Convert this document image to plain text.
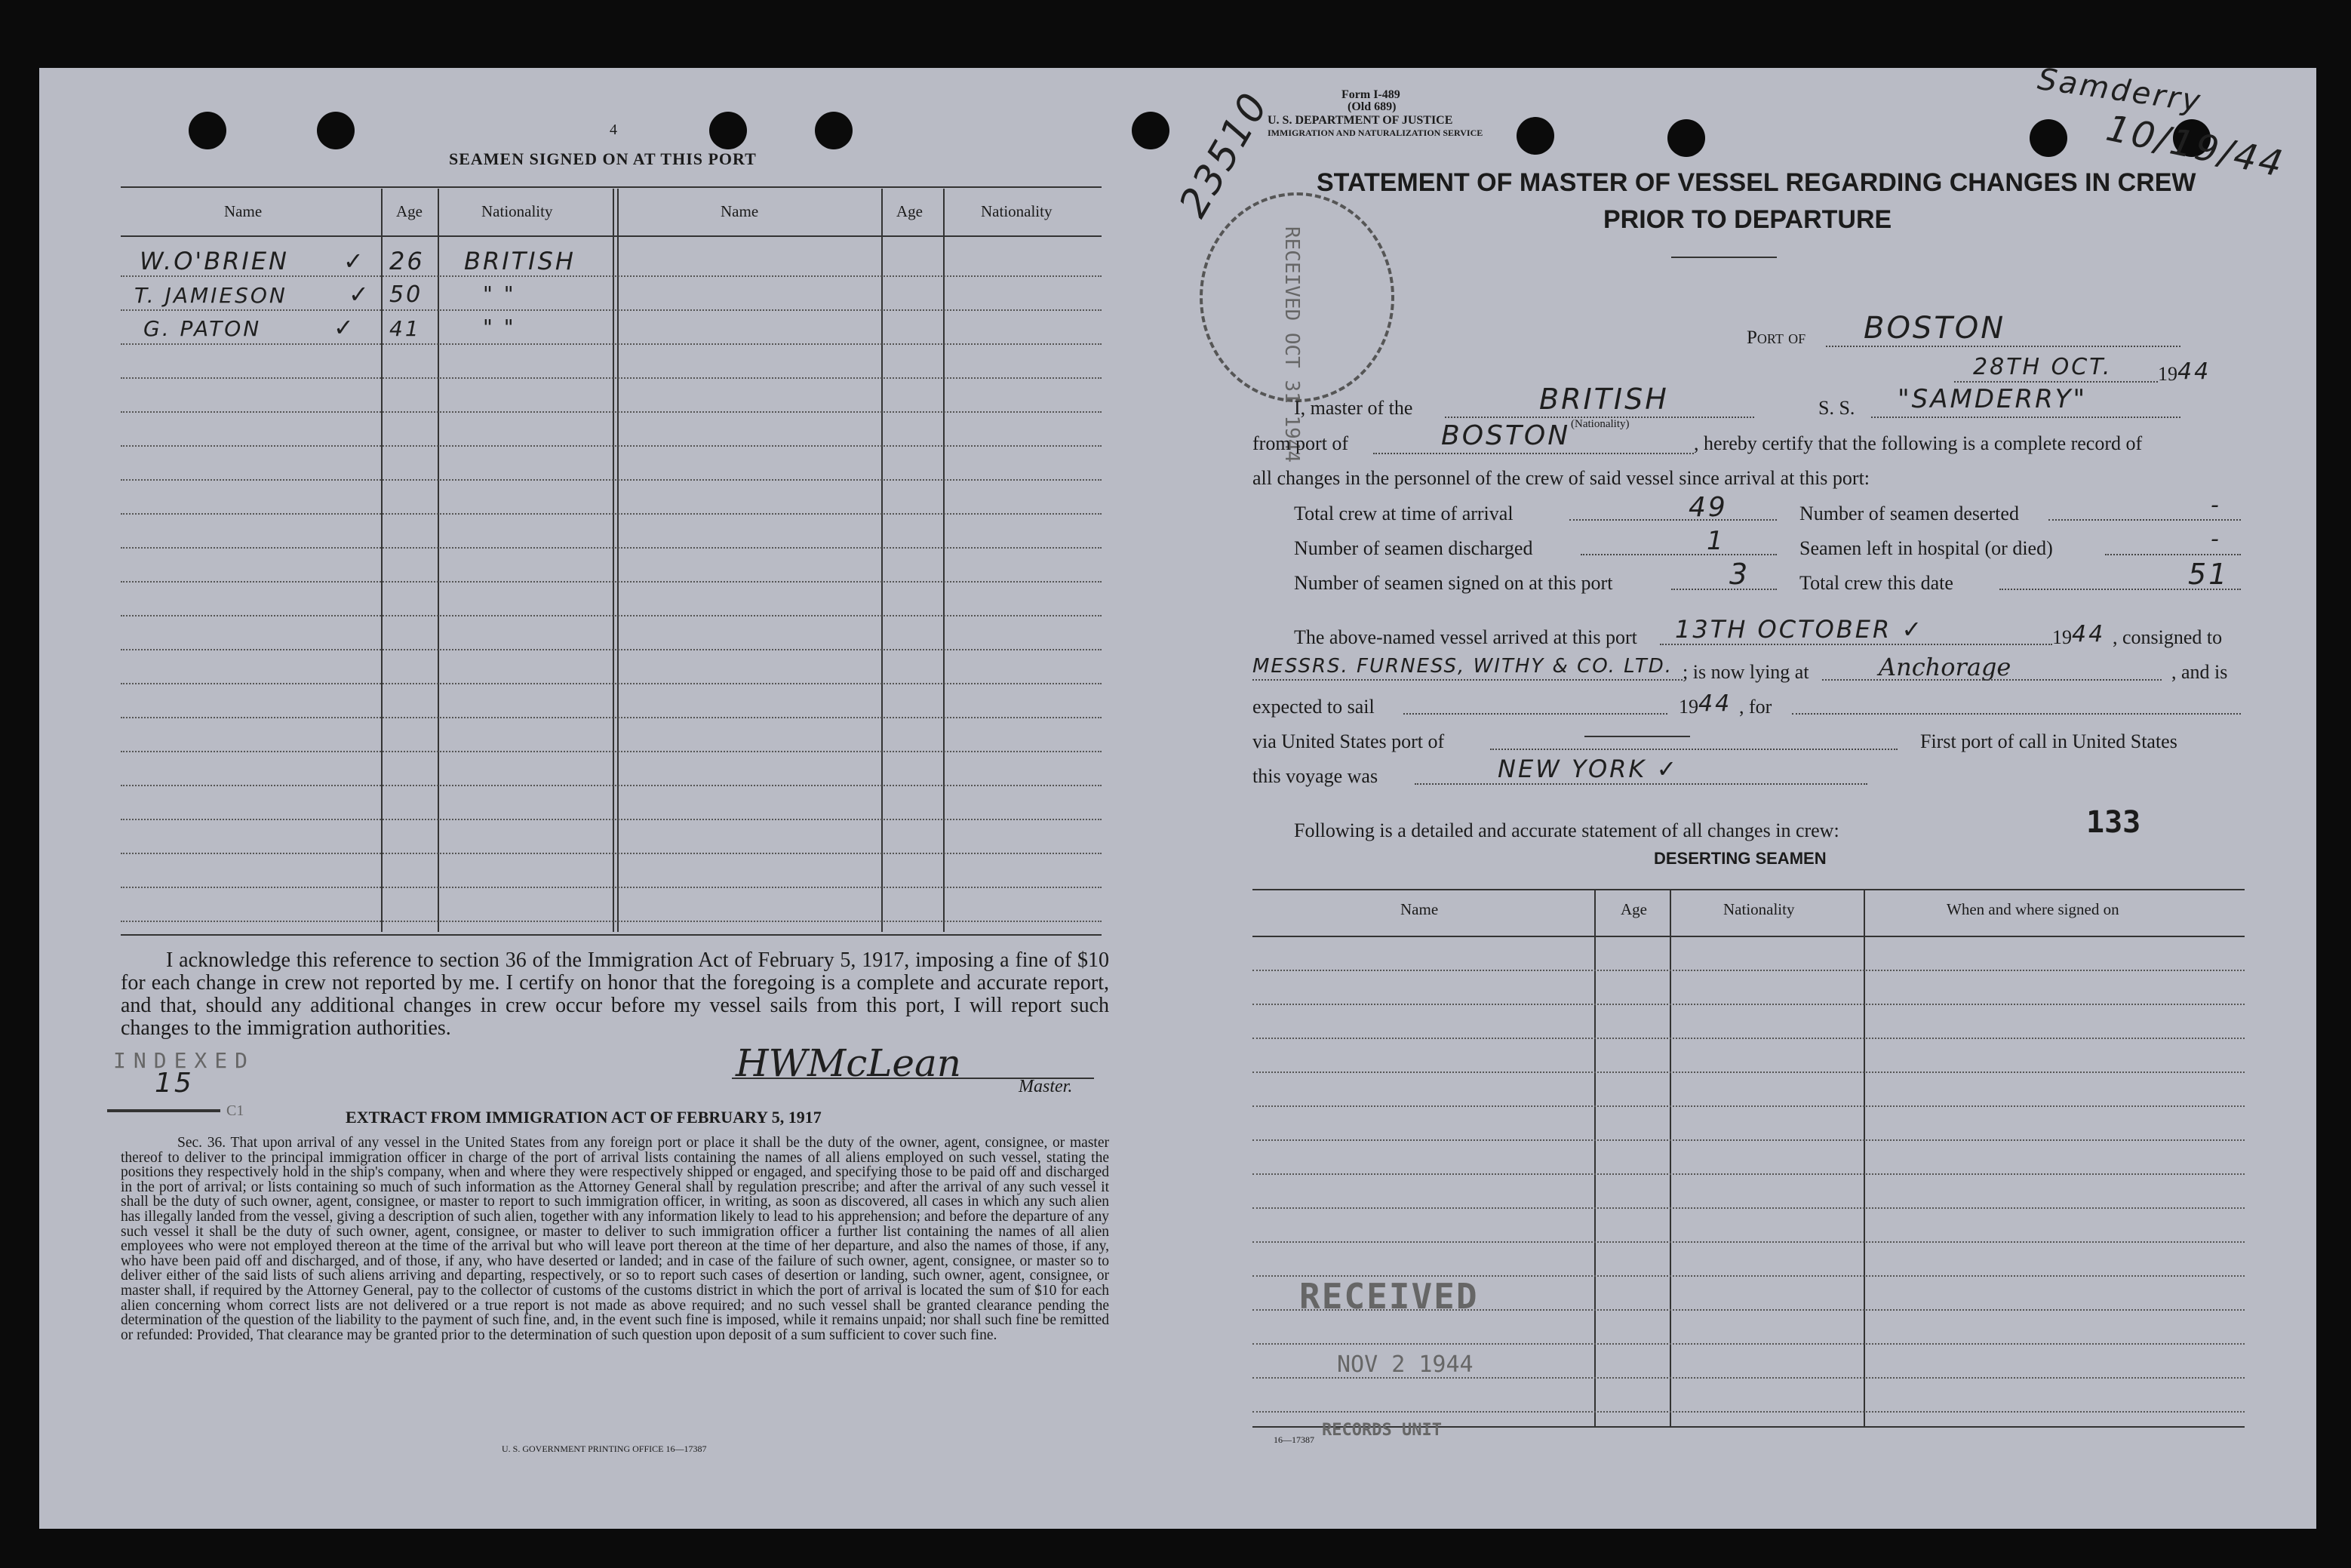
4
SEAMEN SIGNED ON AT THIS PORT
Name	Age	Nationality	Name	Age	Nationality
W.O'BRIEN ✓ 26 BRITISH
T. JAMIESON	✓ 50	" "
G. PATON	✓ 41	" "
I acknowledge this reference to section 36 of the Immigration Act of February 5, 1917, imposing a fine of $10 for each change in crew not reported by me. I certify on honor that the foregoing is a complete and accurate report, and that, should any additional changes in crew occur before my vessel sails from this port, I will report such changes to the immigration authorities.
INDEXED
15
C1
HWMcLean
Master.
EXTRACT FROM IMMIGRATION ACT OF FEBRUARY 5, 1917
Sec. 36. That upon arrival of any vessel in the United States from any foreign port or place it shall be the duty of the owner, agent, consignee, or master thereof to deliver to the principal immigration officer in charge of the port of arrival lists containing the names of all aliens employed on such vessel, stating the positions they respectively hold in the ship's company, when and where they were respectively shipped or engaged, and specifying those to be paid off and discharged in the port of arrival; or lists containing so much of such information as the Attorney General shall by regulation prescribe; and after the arrival of any such vessel it shall be the duty of such owner, agent, consignee, or master to report to such immigration officer, in writing, as soon as discovered, all cases in which any such alien has illegally landed from the vessel, giving a description of such alien, together with any information likely to lead to his apprehension; and before the departure of any such vessel it shall be the duty of such owner, agent, consignee, or master to deliver to such immigration officer a further list containing the names of all alien employees who were not employed thereon at the time of the arrival but who will leave port thereon at the time of her departure, and also the names of those, if any, who have been paid off and discharged, and of those, if any, who have deserted or landed; and in case of the failure of such owner, agent, consignee, or master so to deliver either of the said lists of such aliens arriving and departing, respectively, or so to report such cases of desertion or landing, such owner, agent, consignee, or master shall, if required by the Attorney General, pay to the collector of customs of the customs district in which the port of arrival is located the sum of $10 for each alien concerning whom correct lists are not delivered or a true report is not made as above required; and no such vessel shall be granted clearance pending the determination of the question of the liability to the payment of such fine, and, in the event such fine is imposed, while it remains unpaid; nor shall such fine be remitted or refunded: Provided, That clearance may be granted prior to the determination of such question upon deposit of a sum sufficient to cover such fine.
U. S. GOVERNMENT PRINTING OFFICE 16—17387
Form I-489
(Old 689)
U. S. DEPARTMENT OF JUSTICE
IMMIGRATION AND NATURALIZATION SERVICE
23510	Samderry
10/19/44
STATEMENT OF MASTER OF VESSEL REGARDING CHANGES IN CREW
PRIOR TO DEPARTURE
RECEIVED OCT 31 1944	Port of BOSTON
28TH OCT. 19 44
I, master of the	BRITISH
(Nationality)
S. S. "SAMDERRY"
from port of	BOSTON	, hereby certify that the following is a complete record of
all changes in the personnel of the crew of said vessel since arrival at this port:
Total crew at time of arrival	49	Number of seamen deserted	-
Number of seamen discharged	1	Seamen left in hospital (or died)	-
Number of seamen signed on at this port	3	Total crew this date	51
The above-named vessel arrived at this port 13TH OCTOBER ✓	19 44 , consigned to
MESSRS. FURNESS, WITHY & CO. LTD. ; is now lying at	Anchorage	, and is
expected to sail	19 44 , for
via United States port of	First port of call in United States
this voyage was	NEW YORK ✓
Following is a detailed and accurate statement of all changes in crew:	133
DESERTING SEAMEN
Name	Age	Nationality	When and where signed on
RECEIVED
NOV 2 1944
RECORDS UNIT
16—17387
